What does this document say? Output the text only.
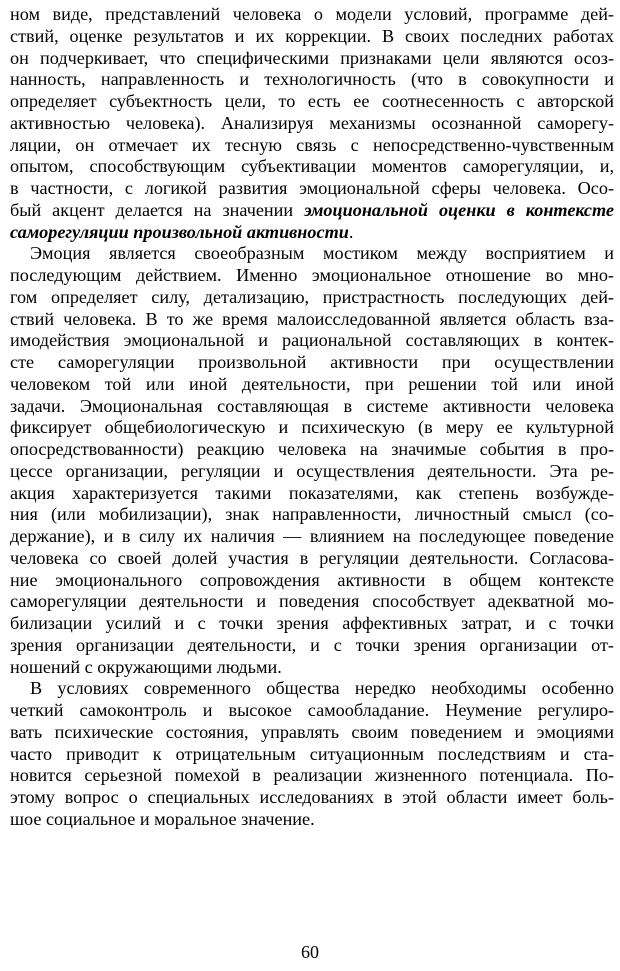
ном виде, представлений человека о модели условий, программе дей-
ствий, оценке результатов и их коррекции. В своих последних работах
он подчеркивает, что специфическими признаками цели являются осоз-
нанность, направленность и технологичность (что в совокупности и
определяет субъектность цели, то есть ее соотнесенность с авторской
активностью человека). Анализируя механизмы осознанной саморегу-
ляции, он отмечает их тесную связь с непосредственно-чувственным
опытом, способствующим субъективации моментов саморегуляции, и,
в частности, с логикой развития эмоциональной сферы человека. Осо-
бый акцент делается на значении эмоциональной оценки в контексте
саморегуляции произвольной активности.
Эмоция является своеобразным мостиком между восприятием и
последующим действием. Именно эмоциональное отношение во мно-
гом определяет силу, детализацию, пристрастность последующих дей-
ствий человека. В то же время малоисследованной является область вза-
имодействия эмоциональной и рациональной составляющих в контек-
сте саморегуляции произвольной активности при осуществлении
человеком той или иной деятельности, при решении той или иной
задачи. Эмоциональная составляющая в системе активности человека
фиксирует общебиологическую и психическую (в меру ее культурной
опосредствованности) реакцию человека на значимые события в про-
цессе организации, регуляции и осуществления деятельности. Эта ре-
акция характеризуется такими показателями, как степень возбужде-
ния (или мобилизации), знак направленности, личностный смысл (со-
держание), и в силу их наличия — влиянием на последующее поведение
человека со своей долей участия в регуляции деятельности. Согласова-
ние эмоционального сопровождения активности в общем контексте
саморегуляции деятельности и поведения способствует адекватной мо-
билизации усилий и с точки зрения аффективных затрат, и с точки
зрения организации деятельности, и с точки зрения организации от-
ношений с окружающими людьми.
В условиях современного общества нередко необходимы особенно
четкий самоконтроль и высокое самообладание. Неумение регулиро-
вать психические состояния, управлять своим поведением и эмоциями
часто приводит к отрицательным ситуационным последствиям и ста-
новится серьезной помехой в реализации жизненного потенциала. По-
этому вопрос о специальных исследованиях в этой области имеет боль-
шое социальное и моральное значение.
60
